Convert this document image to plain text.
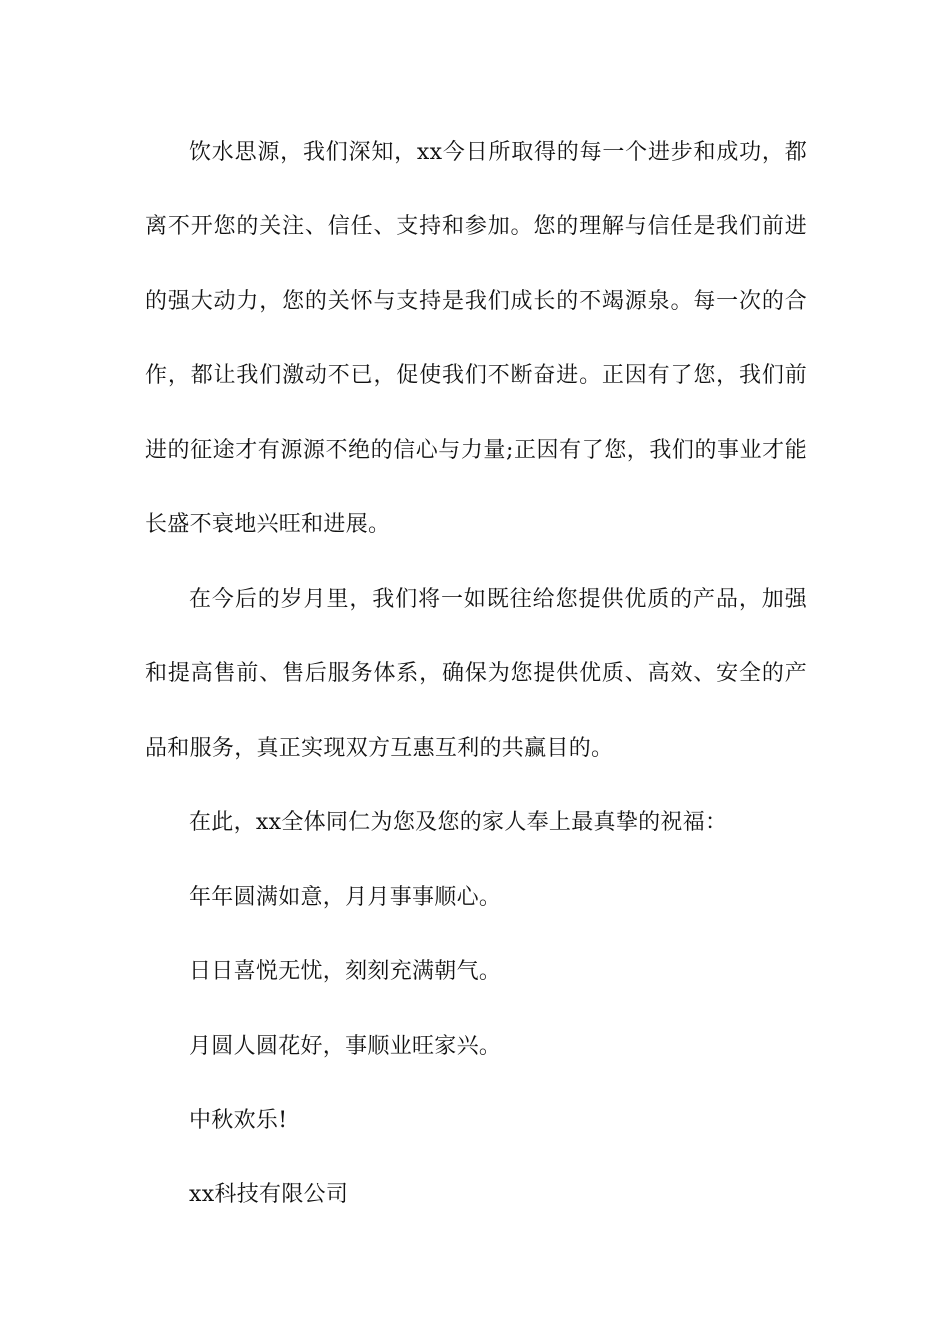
饮水思源，我们深知，xx今日所取得的每一个进步和成功，都
离不开您的关注、信任、支持和参加。您的理解与信任是我们前进
的强大动力，您的关怀与支持是我们成长的不竭源泉。每一次的合
作，都让我们激动不已，促使我们不断奋进。正因有了您，我们前
进的征途才有源源不绝的信心与力量;正因有了您，我们的事业才能
长盛不衰地兴旺和进展。
在今后的岁月里，我们将一如既往给您提供优质的产品，加强
和提高售前、售后服务体系，确保为您提供优质、高效、安全的产
品和服务，真正实现双方互惠互利的共赢目的。
在此，xx全体同仁为您及您的家人奉上最真挚的祝福：
年年圆满如意，月月事事顺心。
日日喜悦无忧，刻刻充满朝气。
月圆人圆花好，事顺业旺家兴。
中秋欢乐!
xx科技有限公司
